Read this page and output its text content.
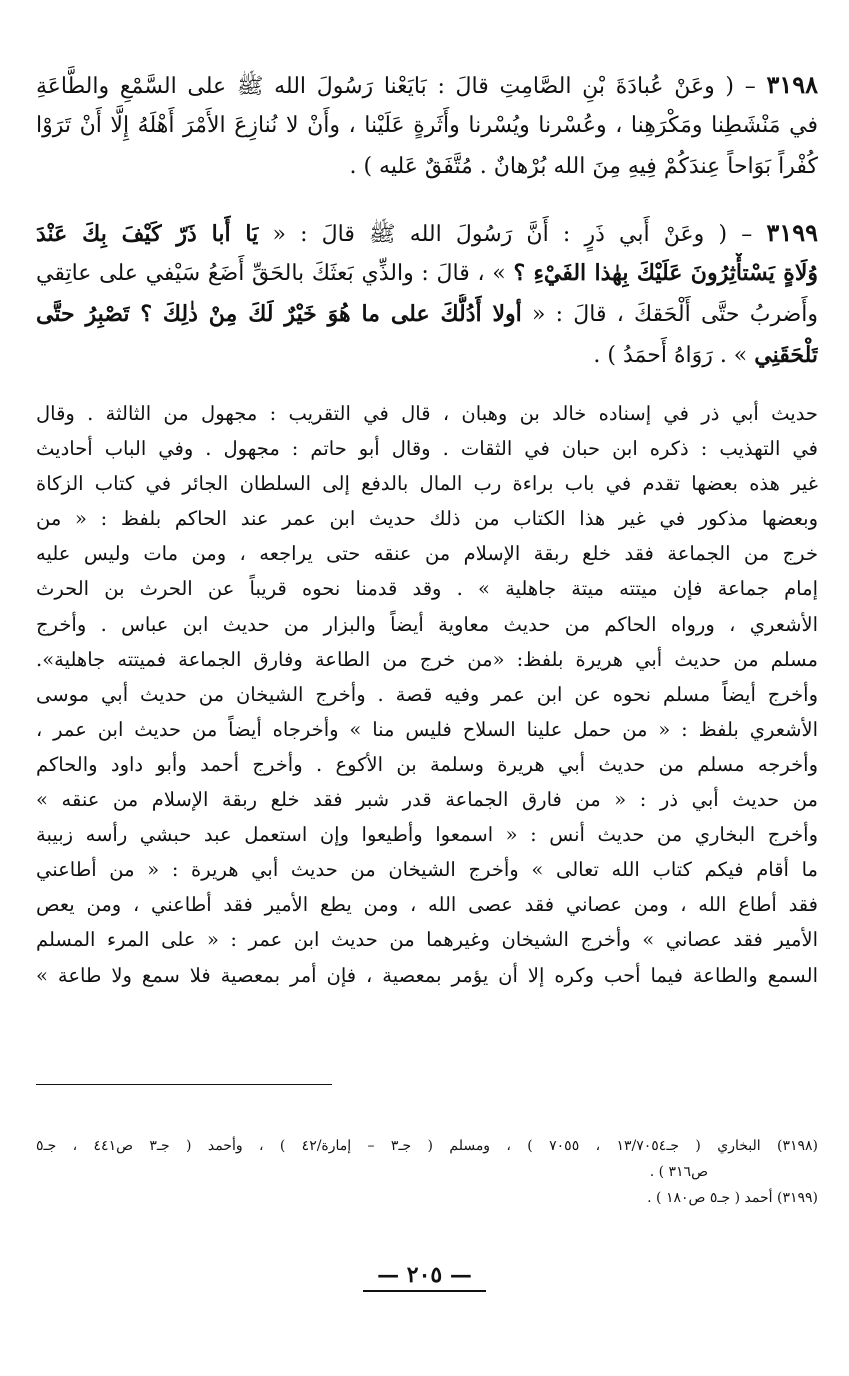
٣١٩٨ – ( وعَنْ عُبادَةَ بْنِ الصَّامِتِ قالَ : بَايَعْنا رَسُولَ الله ﷺ على السَّمْعِ والطَّاعَةِ
في مَنْشَطِنا ومَكْرَهِنا ، وعُسْرنا ويُسْرنا وأَثَرةٍ عَلَيْنا ، وأَنْ لا نُنازِعَ الأَمْرَ أَهْلَهُ إِلَّا أَنْ تَرَوْا
كُفْراً بَوَاحاً عِندَكُمْ فِيهِ مِنَ الله بُرْهانٌ . مُتَّفَقٌ عَليه ) .
٣١٩٩ – ( وعَنْ أَبي ذَرٍ : أَنَّ رَسُولَ الله ﷺ قالَ : « يَا أَبا ذَرّ كَيْفَ بِكَ عَنْدَ
وُلَاةٍ يَسْتأْثِرُونَ عَلَيْكَ بِهٰذا الفَيْءِ ؟ » ، قالَ : والذِّي بَعثَكَ بالحَقِّ أَضَعُ سَيْفي على عاتِقي
وأَضربُ حتَّى أَلْحَقكَ ، قالَ : « أولا أَدُلُّكَ على ما هُوَ خَيْرٌ لَكَ مِنْ ذٰلِكَ ؟ تَصْبِرُ حتَّى
تَلْحَقَنِي » . رَوَاهُ أَحمَدُ ) .
حديث أبي ذر في إسناده خالد بن وهبان ، قال في التقريب : مجهول من الثالثة . وقال
في التهذيب : ذكره ابن حبان في الثقات . وقال أبو حاتم : مجهول . وفي الباب أحاديث
غير هذه بعضها تقدم في باب براءة رب المال بالدفع إلى السلطان الجائر في كتاب الزكاة
وبعضها مذكور في غير هذا الكتاب من ذلك حديث ابن عمر عند الحاكم بلفظ : « من
خرج من الجماعة فقد خلع ربقة الإسلام من عنقه حتى يراجعه ، ومن مات وليس عليه
إمام جماعة فإن ميتته ميتة جاهلية » . وقد قدمنا نحوه قريباً عن الحرث بن الحرث
الأشعري ، ورواه الحاكم من حديث معاوية أيضاً والبزار من حديث ابن عباس . وأخرج
مسلم من حديث أبي هريرة بلفظ: «من خرج من الطاعة وفارق الجماعة فميتته جاهلية».
وأخرج أيضاً مسلم نحوه عن ابن عمر وفيه قصة . وأخرج الشيخان من حديث أبي موسى
الأشعري بلفظ : « من حمل علينا السلاح فليس منا » وأخرجاه أيضاً من حديث ابن عمر ،
وأخرجه مسلم من حديث أبي هريرة وسلمة بن الأكوع . وأخرج أحمد وأبو داود والحاكم
من حديث أبي ذر : « من فارق الجماعة قدر شبر فقد خلع ربقة الإسلام من عنقه »
وأخرج البخاري من حديث أنس : « اسمعوا وأطيعوا وإن استعمل عبد حبشي رأسه زبيبة
ما أقام فيكم كتاب الله تعالى » وأخرج الشيخان من حديث أبي هريرة : « من أطاعني
فقد أطاع الله ، ومن عصاني فقد عصى الله ، ومن يطع الأمير فقد أطاعني ، ومن يعص
الأمير فقد عصاني » وأخرج الشيخان وغيرهما من حديث ابن عمر : « على المرء المسلم
السمع والطاعة فيما أحب وكره إلا أن يؤمر بمعصية ، فإن أمر بمعصية فلا سمع ولا طاعة »
(٣١٩٨) البخاري ( جـ١٣/٧٠٥٤ ، ٧٠٥٥ ) ، ومسلم ( جـ٣ – إمارة/٤٢ ) ، وأحمد ( جـ٣ ص٤٤١ ، جـ٥
ص٣١٦ ) .
(٣١٩٩) أحمد ( جـ٥ ص١٨٠ ) .
— ٢٠٥ —
